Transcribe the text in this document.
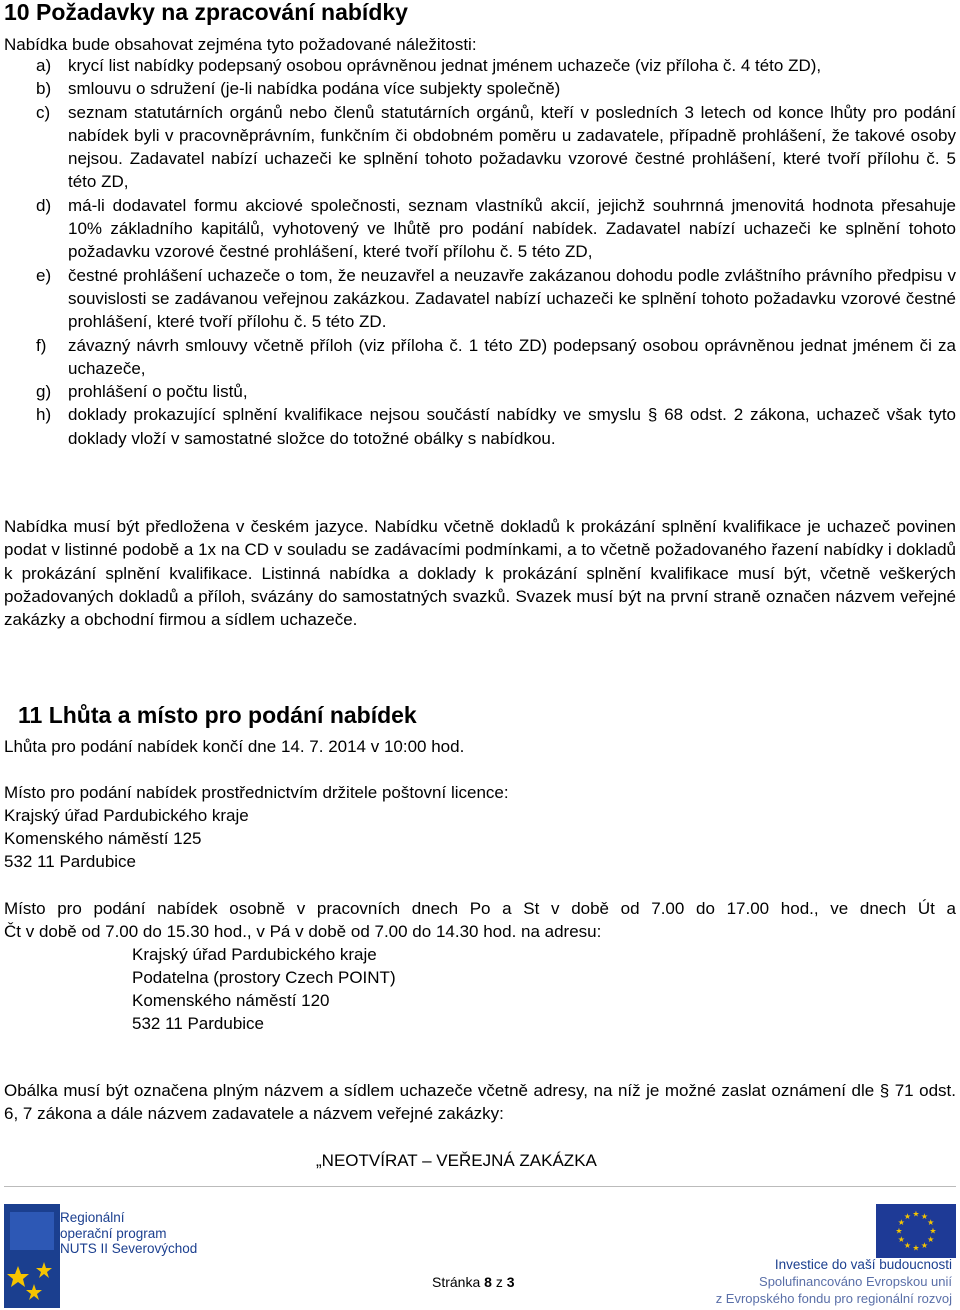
10 Požadavky na zpracování nabídky
Nabídka bude obsahovat zejména tyto požadované náležitosti:
a) krycí list nabídky podepsaný osobou oprávněnou jednat jménem uchazeče (viz příloha č. 4 této ZD),
b) smlouvu o sdružení (je-li nabídka podána více subjekty společně)
c) seznam statutárních orgánů nebo členů statutárních orgánů, kteří v posledních 3 letech od konce lhůty pro podání nabídek byli v pracovněprávním, funkčním či obdobném poměru u zadavatele, případně prohlášení, že takové osoby nejsou. Zadavatel nabízí uchazeči ke splnění tohoto požadavku vzorové čestné prohlášení, které tvoří přílohu č. 5 této ZD,
d) má-li dodavatel formu akciové společnosti, seznam vlastníků akcií, jejichž souhrnná jmenovitá hodnota přesahuje 10% základního kapitálů, vyhotovený ve lhůtě pro podání nabídek. Zadavatel nabízí uchazeči ke splnění tohoto požadavku vzorové čestné prohlášení, které tvoří přílohu č. 5 této ZD,
e) čestné prohlášení uchazeče o tom, že neuzavřel a neuzavře zakázanou dohodu podle zvláštního právního předpisu v souvislosti se zadávanou veřejnou zakázkou. Zadavatel nabízí uchazeči ke splnění tohoto požadavku vzorové čestné prohlášení, které tvoří přílohu č. 5 této ZD.
f) závazný návrh smlouvy včetně příloh (viz příloha č. 1 této ZD) podepsaný osobou oprávněnou jednat jménem či za uchazeče,
g) prohlášení o počtu listů,
h) doklady prokazující splnění kvalifikace nejsou součástí nabídky ve smyslu § 68 odst. 2 zákona, uchazeč však tyto doklady vloží v samostatné složce do totožné obálky s nabídkou.
Nabídka musí být předložena v českém jazyce. Nabídku včetně dokladů k prokázání splnění kvalifikace je uchazeč povinen podat v listinné podobě a 1x na CD v souladu se zadávacími podmínkami, a to včetně požadovaného řazení nabídky i dokladů k prokázání splnění kvalifikace. Listinná nabídka a doklady k prokázání splnění kvalifikace musí být, včetně veškerých požadovaných dokladů a příloh, svázány do samostatných svazků. Svazek musí být na první straně označen názvem veřejné zakázky a obchodní firmou a sídlem uchazeče.
11 Lhůta a místo pro podání nabídek
Lhůta pro podání nabídek končí dne 14. 7. 2014 v 10:00 hod.
Místo pro podání nabídek prostřednictvím držitele poštovní licence:
Krajský úřad Pardubického kraje
Komenského náměstí 125
532 11 Pardubice
Místo pro podání nabídek osobně v pracovních dnech Po a St v době od 7.00 do 17.00 hod., ve dnech Út a
Čt v době od 7.00 do 15.30 hod., v Pá v době od 7.00 do 14.30 hod. na adresu:
Krajský úřad Pardubického kraje
Podatelna (prostory Czech POINT)
Komenského náměstí 120
532 11 Pardubice
Obálka musí být označena plným názvem a sídlem uchazeče včetně adresy, na níž je možné zaslat oznámení dle § 71 odst. 6, 7 zákona a dále názvem zadavatele a názvem veřejné zakázky:
„NEOTVÍRAT – VEŘEJNÁ ZAKÁZKA
Regionální
operační program
NUTS II Severovýchod
Stránka 8 z 3
★ ★
★
★
★
★
★
★
★
★
★
★
Investice do vaší budoucnosti
Spolufinancováno Evropskou unií
z Evropského fondu pro regionální rozvoj
